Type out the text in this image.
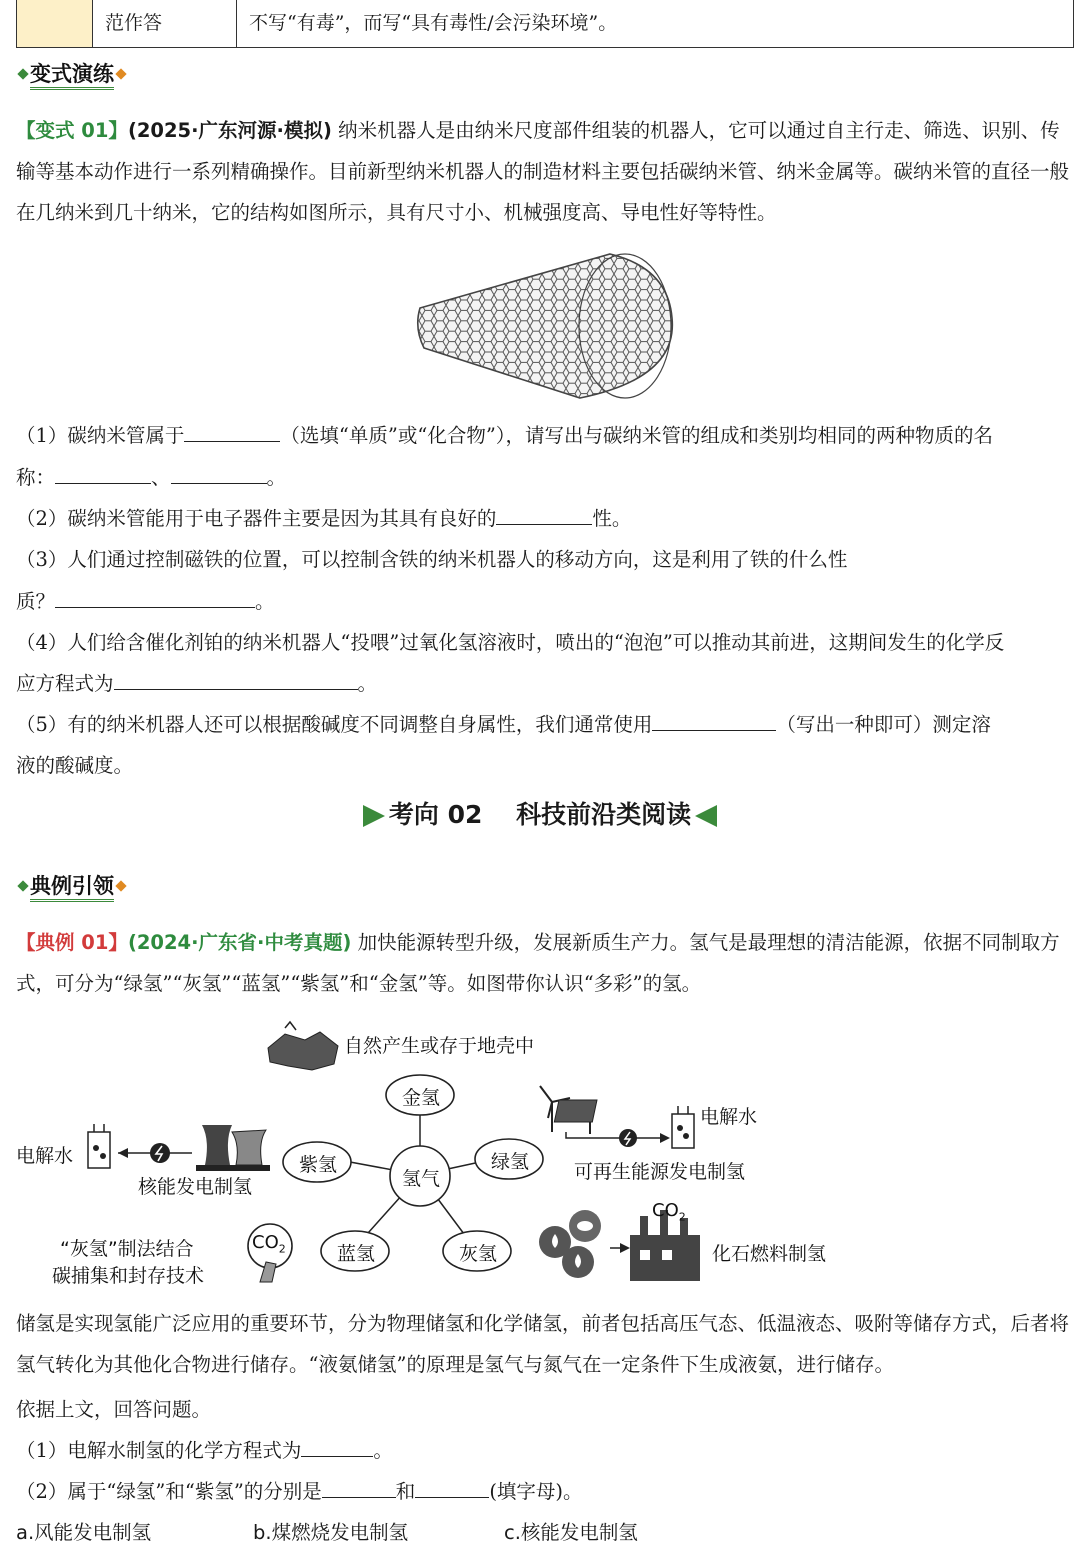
范作答	不写“有毒”，而写“具有毒性/会污染环境”。
变式演练
【变式 01】(2025·广东河源·模拟) 纳米机器人是由纳米尺度部件组装的机器人，它可以通过自主行走、筛选、识别、传输等基本动作进行一系列精确操作。目前新型纳米机器人的制造材料主要包括碳纳米管、纳米金属等。碳纳米管的直径一般在几纳米到几十纳米，它的结构如图所示，具有尺寸小、机械强度高、导电性好等特性。
（1）碳纳米管属于	（选填“单质”或“化合物”），请写出与碳纳米管的组成和类别均相同的两种物质的名
称：	、	。
（2）碳纳米管能用于电子器件主要是因为其具有良好的	性。
（3）人们通过控制磁铁的位置，可以控制含铁的纳米机器人的移动方向，这是利用了铁的什么性
质？	。
（4）人们给含催化剂铂的纳米机器人“投喂”过氧化氢溶液时，喷出的“泡泡”可以推动其前进，这期间发生的化学反
应方程式为	。
（5）有的纳米机器人还可以根据酸碱度不同调整自身属性，我们通常使用	（写出一种即可）测定溶
液的酸碱度。
考向 02　 科技前沿类阅读
典例引领
【典例 01】(2024·广东省·中考真题) 加快能源转型升级，发展新质生产力。氢气是最理想的清洁能源，依据不同制取方式，可分为“绿氢”“灰氢”“蓝氢”“紫氢”和“金氢”等。如图带你认识“多彩”的氢。
金氢
紫氢	绿氢
氢气
蓝氢	灰氢
自然产生或存于地壳中
电解水
核能发电制氢
电解水
可再生能源发电制氢
“灰氢”制法结合
碳捕集和封存技术
$CO_2$
$CO_2$
化石燃料制氢
储氢是实现氢能广泛应用的重要环节，分为物理储氢和化学储氢，前者包括高压气态、低温液态、吸附等储存方式，后者将氢气转化为其他化合物进行储存。“液氨储氢”的原理是氢气与氮气在一定条件下生成液氨，进行储存。
依据上文，回答问题。
（1）电解水制氢的化学方程式为	。
（2）属于“绿氢”和“紫氢”的分别是	和	(填字母)。
a.风能发电制氢	b.煤燃烧发电制氢	c.核能发电制氢
